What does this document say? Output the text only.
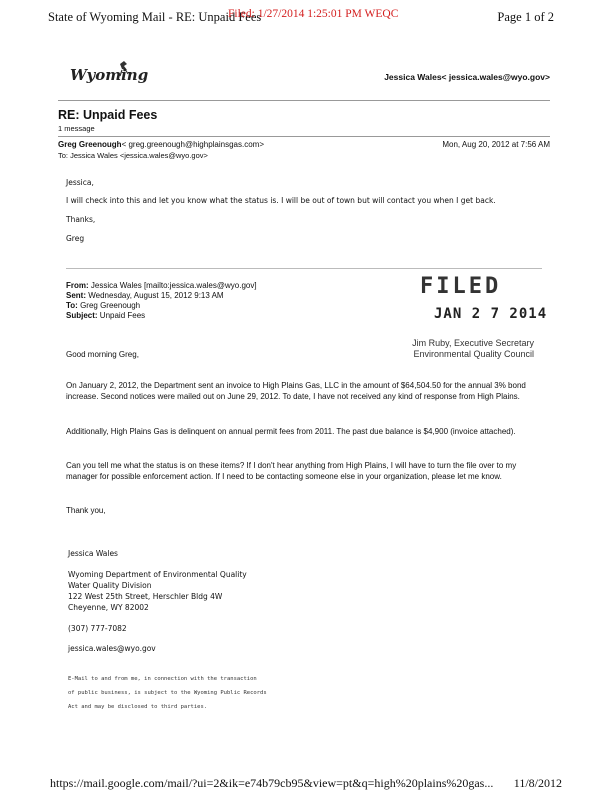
State of Wyoming Mail - RE: Unpaid Fees
Filed: 1/27/2014 1:25:01 PM WEQC	Page 1 of 2
Wyoming	Jessica Wales< jessica.wales@wyo.gov>
RE: Unpaid Fees
1 message
Greg Greenough< greg.greenough@highplainsgas.com>	Mon, Aug 20, 2012 at 7:56 AM
To: Jessica Wales <jessica.wales@wyo.gov>
Jessica,
I will check into this and let you know what the status is. I will be out of town but will contact you when I get back.
Thanks,
Greg
From: Jessica Wales [mailto:jessica.wales@wyo.gov]
Sent: Wednesday, August 15, 2012 9:13 AM
To: Greg Greenough
Subject: Unpaid Fees
FILED
JAN 2 7 2014
Jim Ruby, Executive Secretary
Environmental Quality Council
Good morning Greg,
On January 2, 2012, the Department sent an invoice to High Plains Gas, LLC in the amount of $64,504.50 for the annual 3% bond increase. Second notices were mailed out on June 29, 2012. To date, I have not received any kind of response from High Plains.
Additionally, High Plains Gas is delinquent on annual permit fees from 2011. The past due balance is $4,900 (invoice attached).
Can you tell me what the status is on these items? If I don't hear anything from High Plains, I will have to turn the file over to my manager for possible enforcement action. If I need to be contacting someone else in your organization, please let me know.
Thank you,
Jessica Wales
Wyoming Department of Environmental Quality
Water Quality Division
122 West 25th Street, Herschler Bldg 4W
Cheyenne, WY 82002
(307) 777-7082
jessica.wales@wyo.gov
E-Mail to and from me, in connection with the transaction
of public business, is subject to the Wyoming Public Records
Act and may be disclosed to third parties.
https://mail.google.com/mail/?ui=2&ik=e74b79cb95&view=pt&q=high%20plains%20gas... 11/8/2012
